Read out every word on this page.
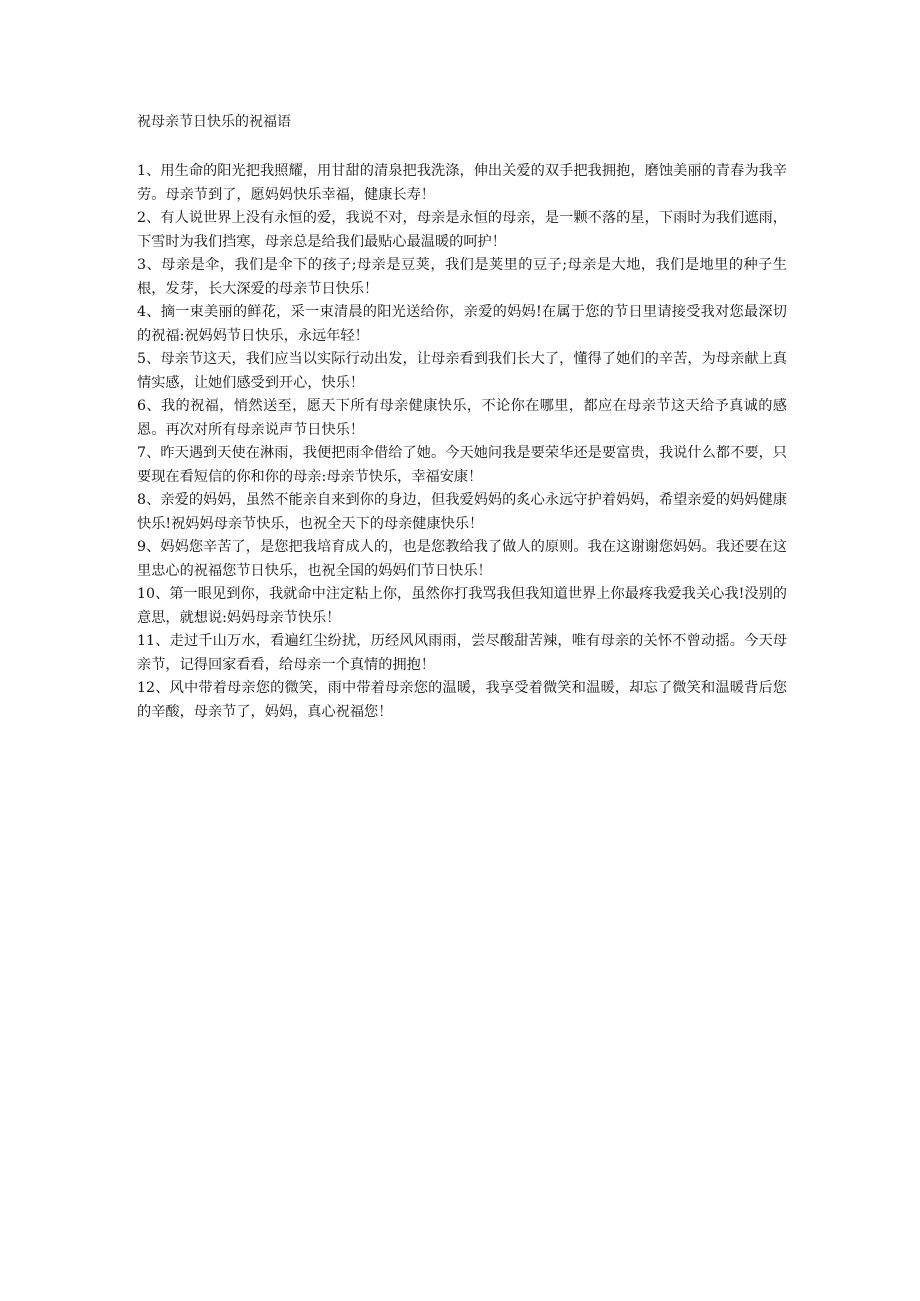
祝母亲节日快乐的祝福语

1、用生命的阳光把我照耀，用甘甜的清泉把我洗涤，伸出关爱的双手把我拥抱，磨蚀美丽的青春为我辛劳。母亲节到了，愿妈妈快乐幸福，健康长寿！

2、有人说世界上没有永恒的爱，我说不对，母亲是永恒的母亲，是一颗不落的星，下雨时为我们遮雨，下雪时为我们挡寒，母亲总是给我们最贴心最温暖的呵护！

3、母亲是伞，我们是伞下的孩子;母亲是豆荚，我们是荚里的豆子;母亲是大地，我们是地里的种子生根，发芽，长大深爱的母亲节日快乐！

4、摘一束美丽的鲜花，采一束清晨的阳光送给你，亲爱的妈妈!在属于您的节日里请接受我对您最深切的祝福:祝妈妈节日快乐，永远年轻！

5、母亲节这天，我们应当以实际行动出发，让母亲看到我们长大了，懂得了她们的辛苦，为母亲献上真情实感，让她们感受到开心，快乐！

6、我的祝福，悄然送至，愿天下所有母亲健康快乐，不论你在哪里，都应在母亲节这天给予真诚的感恩。再次对所有母亲说声节日快乐！

7、昨天遇到天使在淋雨，我便把雨伞借给了她。今天她问我是要荣华还是要富贵，我说什么都不要，只要现在看短信的你和你的母亲:母亲节快乐，幸福安康！

8、亲爱的妈妈，虽然不能亲自来到你的身边，但我爱妈妈的炙心永远守护着妈妈，希望亲爱的妈妈健康快乐!祝妈妈母亲节快乐，也祝全天下的母亲健康快乐！

9、妈妈您辛苦了，是您把我培育成人的，也是您教给我了做人的原则。我在这谢谢您妈妈。我还要在这里忠心的祝福您节日快乐，也祝全国的妈妈们节日快乐！

10、第一眼见到你，我就命中注定粘上你，虽然你打我骂我但我知道世界上你最疼我爱我关心我!没别的意思，就想说:妈妈母亲节快乐！

11、走过千山万水，看遍红尘纷扰，历经风风雨雨，尝尽酸甜苦辣，唯有母亲的关怀不曾动摇。今天母亲节，记得回家看看，给母亲一个真情的拥抱！

12、风中带着母亲您的微笑，雨中带着母亲您的温暖，我享受着微笑和温暖，却忘了微笑和温暖背后您的辛酸，母亲节了，妈妈，真心祝福您！
